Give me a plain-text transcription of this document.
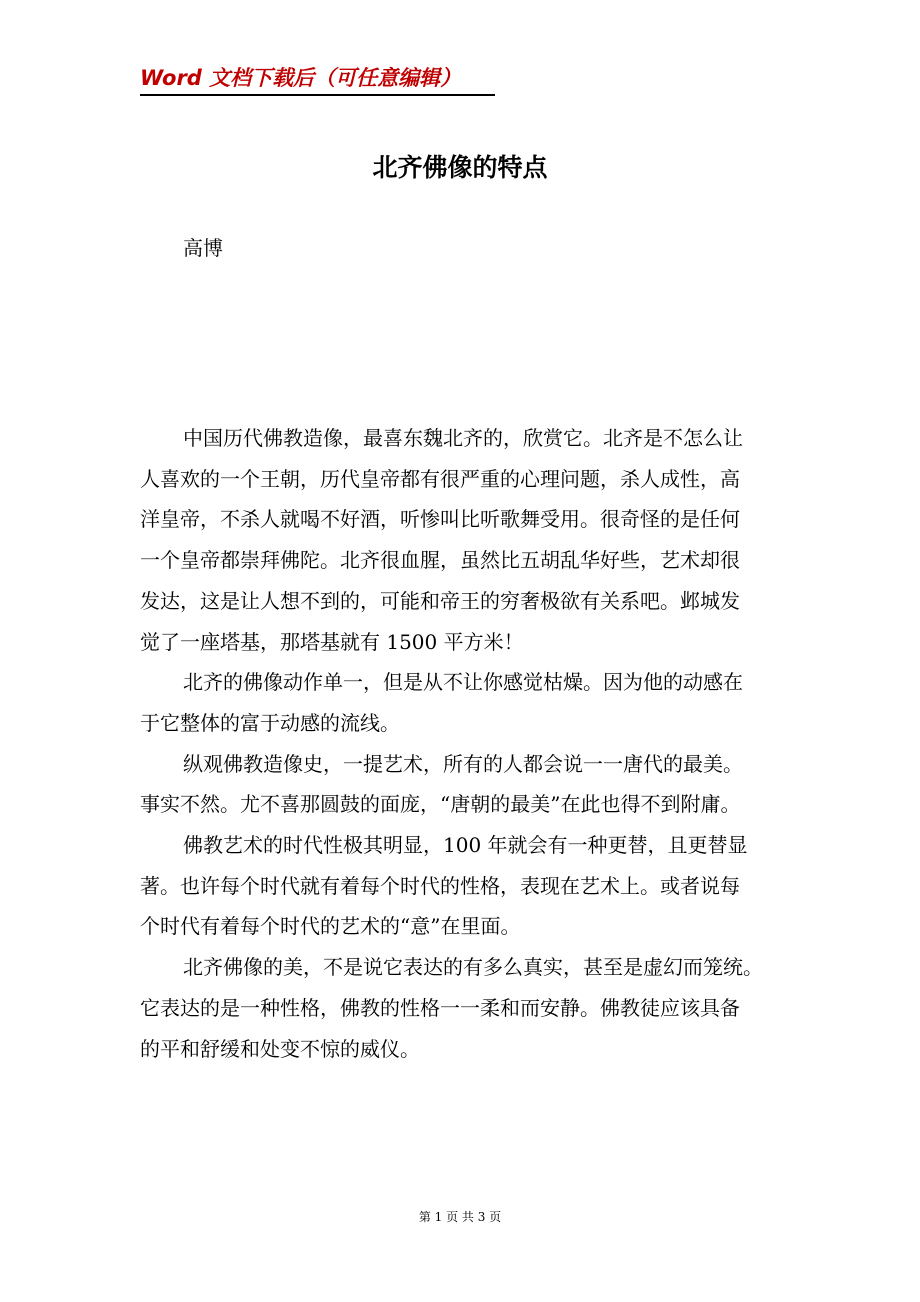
Word 文档下载后（可任意编辑）
北齐佛像的特点
高博

中国历代佛教造像，最喜东魏北齐的，欣赏它。北齐是不怎么让
人喜欢的一个王朝，历代皇帝都有很严重的心理问题，杀人成性，高
洋皇帝，不杀人就喝不好酒，听惨叫比听歌舞受用。很奇怪的是任何
一个皇帝都崇拜佛陀。北齐很血腥，虽然比五胡乱华好些，艺术却很
发达，这是让人想不到的，可能和帝王的穷奢极欲有关系吧。邺城发
觉了一座塔基，那塔基就有 1500 平方米！

北齐的佛像动作单一，但是从不让你感觉枯燥。因为他的动感在
于它整体的富于动感的流线。

纵观佛教造像史，一提艺术，所有的人都会说一一唐代的最美。
事实不然。尤不喜那圆鼓的面庞，“唐朝的最美”在此也得不到附庸。

佛教艺术的时代性极其明显，100 年就会有一种更替，且更替显
著。也许每个时代就有着每个时代的性格，表现在艺术上。或者说每
个时代有着每个时代的艺术的“意”在里面。

北齐佛像的美，不是说它表达的有多么真实，甚至是虚幻而笼统。
它表达的是一种性格，佛教的性格一一柔和而安静。佛教徒应该具备
的平和舒缓和处变不惊的威仪。

第 1 页 共 3 页
